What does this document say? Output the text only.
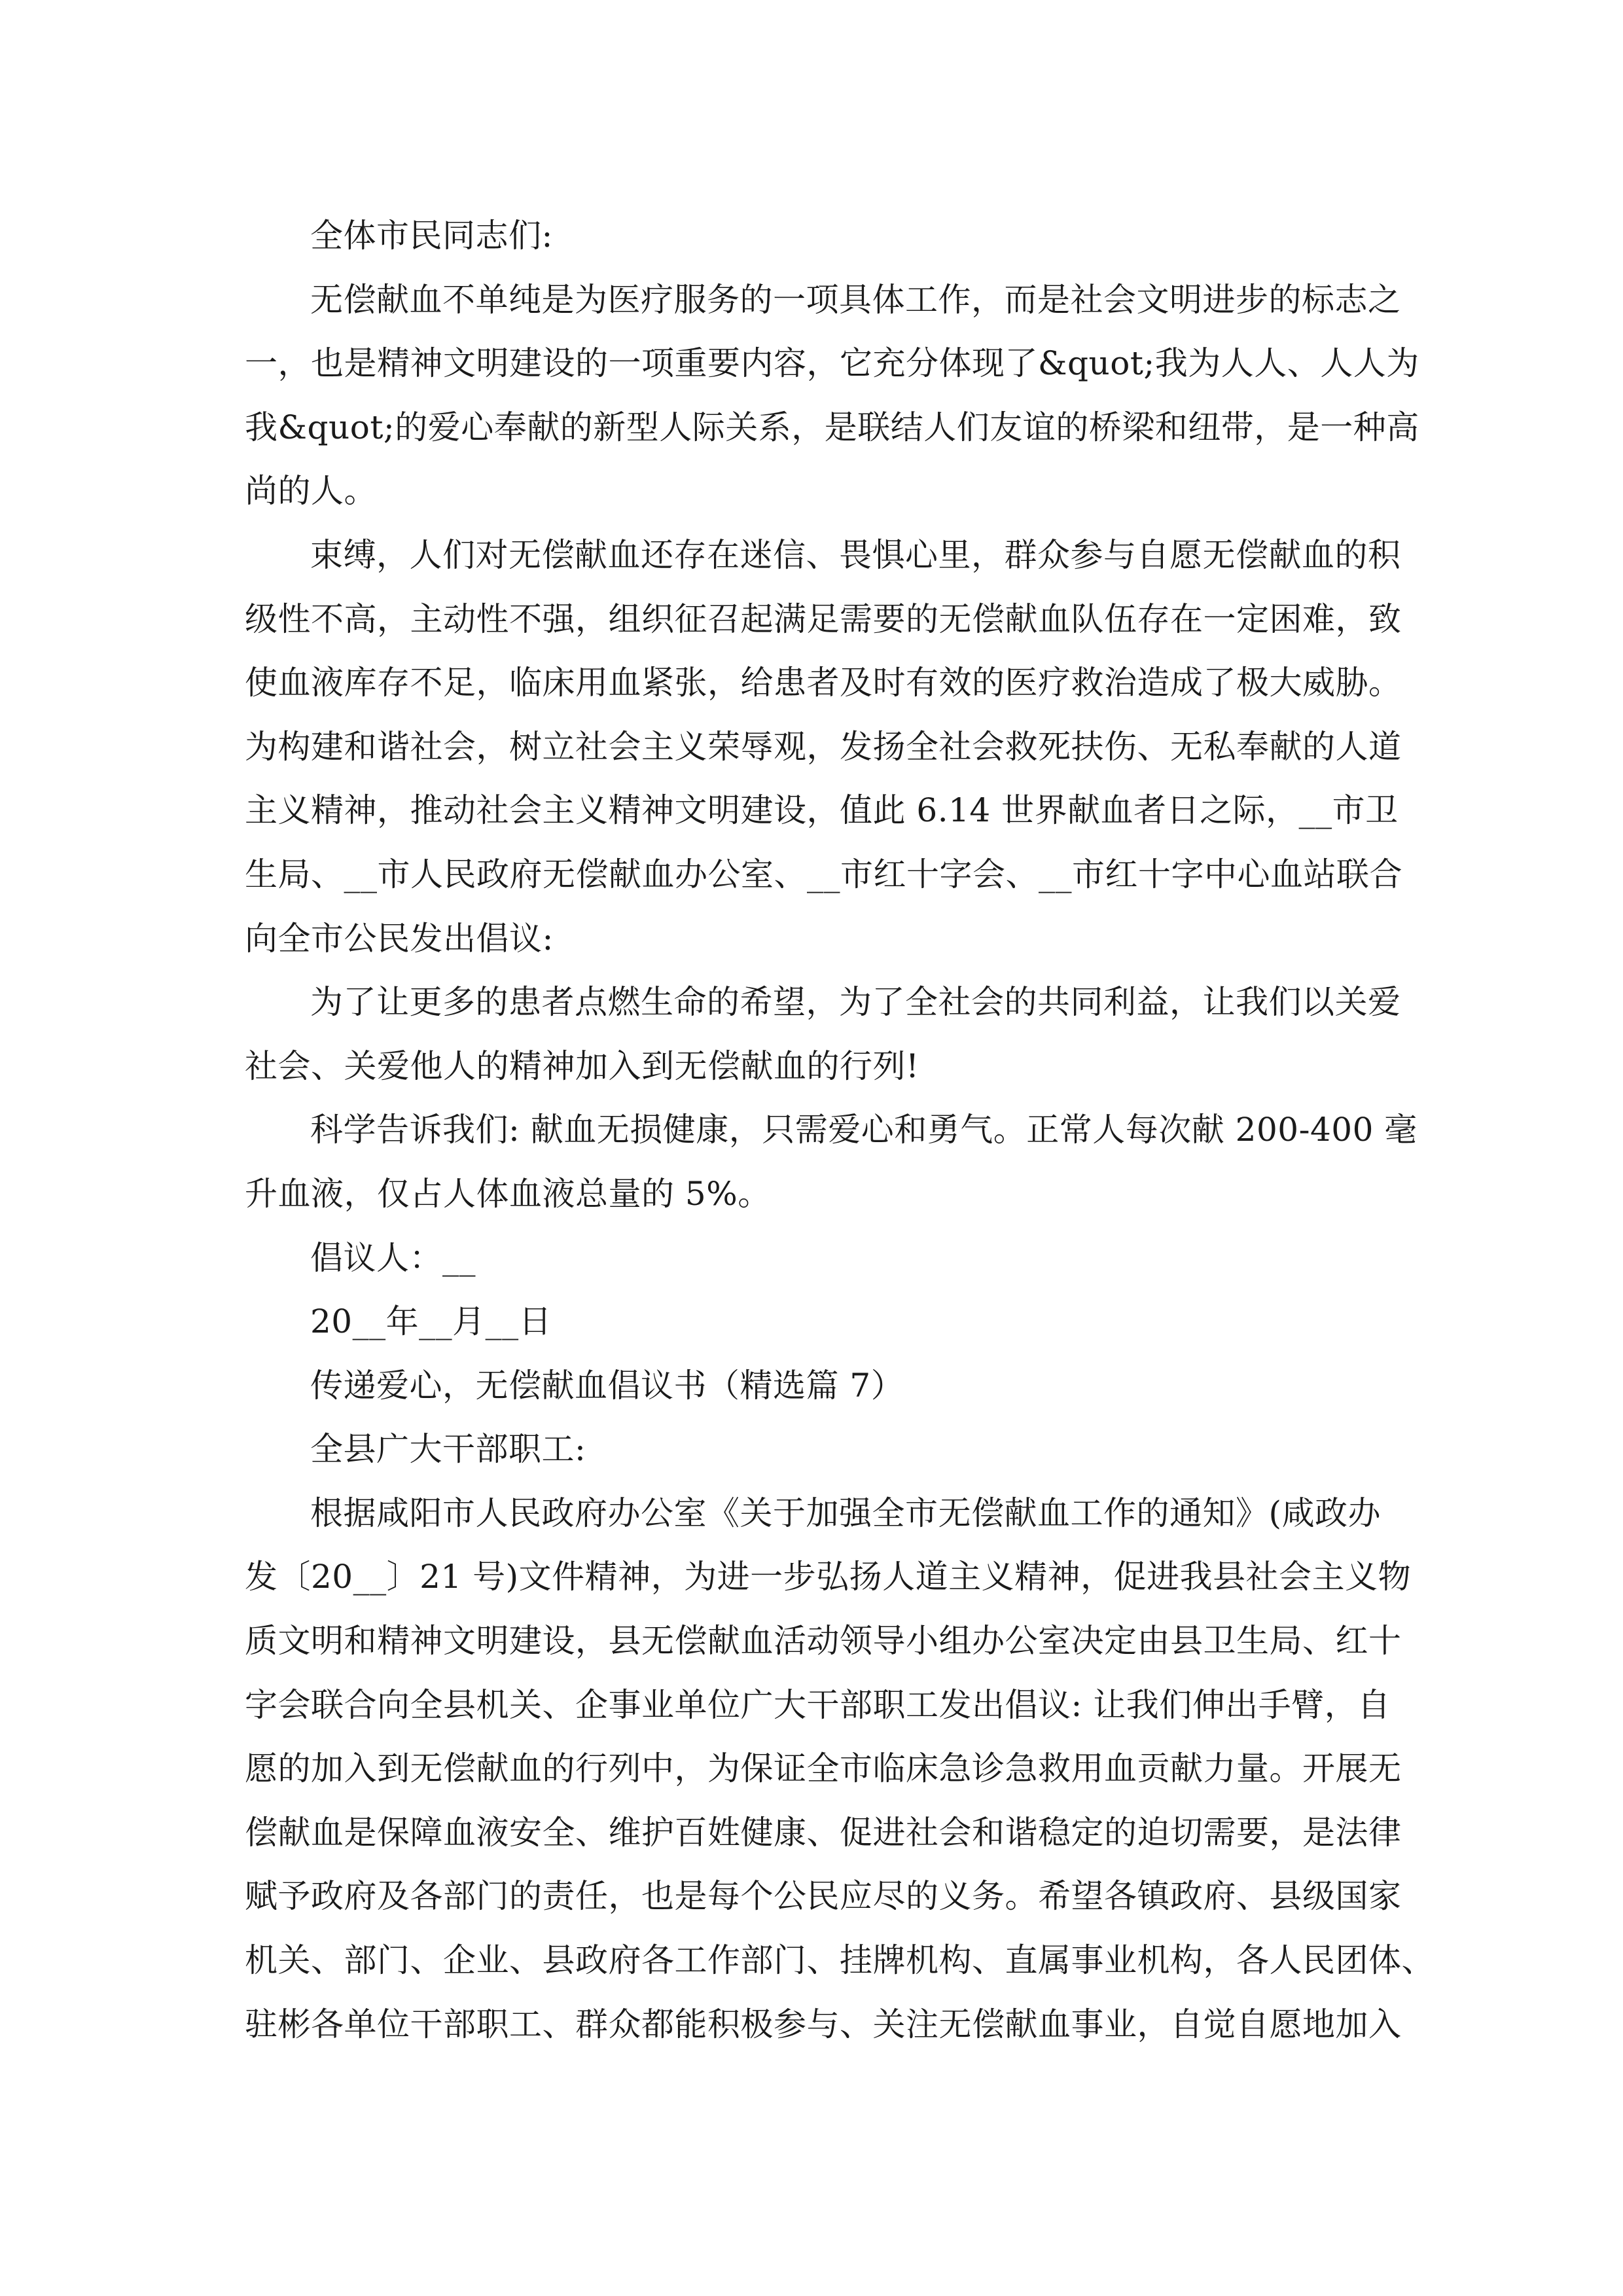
全体市民同志们:
无偿献血不单纯是为医疗服务的一项具体工作，而是社会文明进步的标志之
一，也是精神文明建设的一项重要内容，它充分体现了&quot;我为人人、人人为
我&quot;的爱心奉献的新型人际关系，是联结人们友谊的桥梁和纽带，是一种高
尚的人。
束缚，人们对无偿献血还存在迷信、畏惧心里，群众参与自愿无偿献血的积
级性不高，主动性不强，组织征召起满足需要的无偿献血队伍存在一定困难，致
使血液库存不足，临床用血紧张，给患者及时有效的医疗救治造成了极大威胁。
为构建和谐社会，树立社会主义荣辱观，发扬全社会救死扶伤、无私奉献的人道
主义精神，推动社会主义精神文明建设，值此 6.14 世界献血者日之际，__市卫
生局、__市人民政府无偿献血办公室、__市红十字会、__市红十字中心血站联合
向全市公民发出倡议:
为了让更多的患者点燃生命的希望，为了全社会的共同利益，让我们以关爱
社会、关爱他人的精神加入到无偿献血的行列!
科学告诉我们: 献血无损健康，只需爱心和勇气。正常人每次献 200-400 毫
升血液，仅占人体血液总量的 5%。
倡议人：__
20__年__月__日
传递爱心，无偿献血倡议书（精选篇 7）
全县广大干部职工:
根据咸阳市人民政府办公室《关于加强全市无偿献血工作的通知》(咸政办
发〔20__〕21 号)文件精神，为进一步弘扬人道主义精神，促进我县社会主义物
质文明和精神文明建设，县无偿献血活动领导小组办公室决定由县卫生局、红十
字会联合向全县机关、企事业单位广大干部职工发出倡议: 让我们伸出手臂，自
愿的加入到无偿献血的行列中，为保证全市临床急诊急救用血贡献力量。开展无
偿献血是保障血液安全、维护百姓健康、促进社会和谐稳定的迫切需要，是法律
赋予政府及各部门的责任，也是每个公民应尽的义务。希望各镇政府、县级国家
机关、部门、企业、县政府各工作部门、挂牌机构、直属事业机构，各人民团体、
驻彬各单位干部职工、群众都能积极参与、关注无偿献血事业，自觉自愿地加入
